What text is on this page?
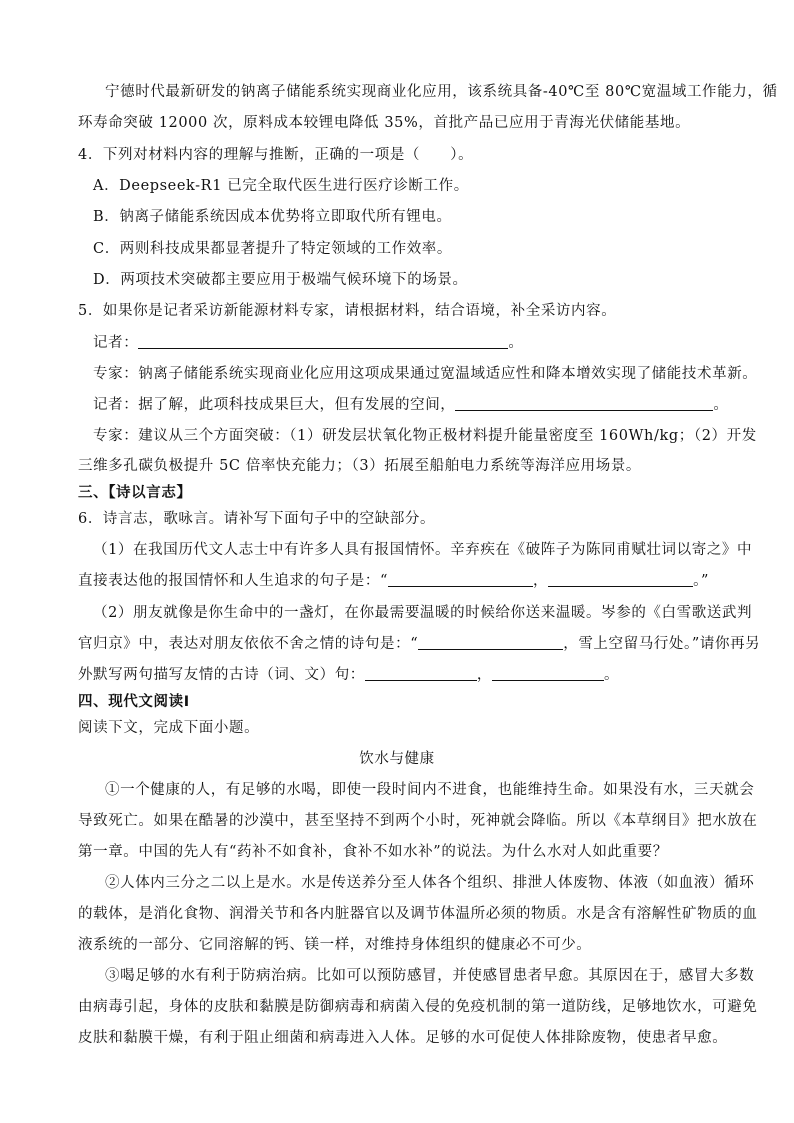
宁德时代最新研发的钠离子储能系统实现商业化应用，该系统具备-40℃至 80℃宽温域工作能力，循
环寿命突破 12000 次，原料成本较锂电降低 35%，首批产品已应用于青海光伏储能基地。
4．下列对材料内容的理解与推断，正确的一项是（　　）。
A．Deepseek-R1 已完全取代医生进行医疗诊断工作。
B．钠离子储能系统因成本优势将立即取代所有锂电。
C．两则科技成果都显著提升了特定领域的工作效率。
D．两项技术突破都主要应用于极端气候环境下的场景。
5．如果你是记者采访新能源材料专家，请根据材料，结合语境，补全采访内容。
记者：	。
专家：钠离子储能系统实现商业化应用这项成果通过宽温域适应性和降本增效实现了储能技术革新。
记者：据了解，此项科技成果巨大，但有发展的空间，	。
专家：建议从三个方面突破：（1）研发层状氧化物正极材料提升能量密度至 160Wh/kg；（2）开发
三维多孔碳负极提升 5C 倍率快充能力；（3）拓展至船舶电力系统等海洋应用场景。
三、【诗以言志】
6．诗言志，歌咏言。请补写下面句子中的空缺部分。
（1）在我国历代文人志士中有许多人具有报国情怀。辛弃疾在《破阵子为陈同甫赋壮词以寄之》中
直接表达他的报国情怀和人生追求的句子是：“	，	。”
（2）朋友就像是你生命中的一盏灯，在你最需要温暖的时候给你送来温暖。岑参的《白雪歌送武判
官归京》中，表达对朋友依依不舍之情的诗句是：“	，雪上空留马行处。”请你再另
外默写两句描写友情的古诗（词、文）句：	，	。
四、现代文阅读Ⅰ
阅读下文，完成下面小题。
饮水与健康
①一个健康的人，有足够的水喝，即使一段时间内不进食，也能维持生命。如果没有水，三天就会
导致死亡。如果在酷暑的沙漠中，甚至坚持不到两个小时，死神就会降临。所以《本草纲目》把水放在
第一章。中国的先人有“药补不如食补，食补不如水补”的说法。为什么水对人如此重要？
②人体内三分之二以上是水。水是传送养分至人体各个组织、排泄人体废物、体液（如血液）循环
的载体，是消化食物、润滑关节和各内脏器官以及调节体温所必须的物质。水是含有溶解性矿物质的血
液系统的一部分、它同溶解的钙、镁一样，对维持身体组织的健康必不可少。
③喝足够的水有利于防病治病。比如可以预防感冒，并使感冒患者早愈。其原因在于，感冒大多数
由病毒引起，身体的皮肤和黏膜是防御病毒和病菌入侵的免疫机制的第一道防线，足够地饮水，可避免
皮肤和黏膜干燥，有利于阻止细菌和病毒进入人体。足够的水可促使人体排除废物，使患者早愈。
